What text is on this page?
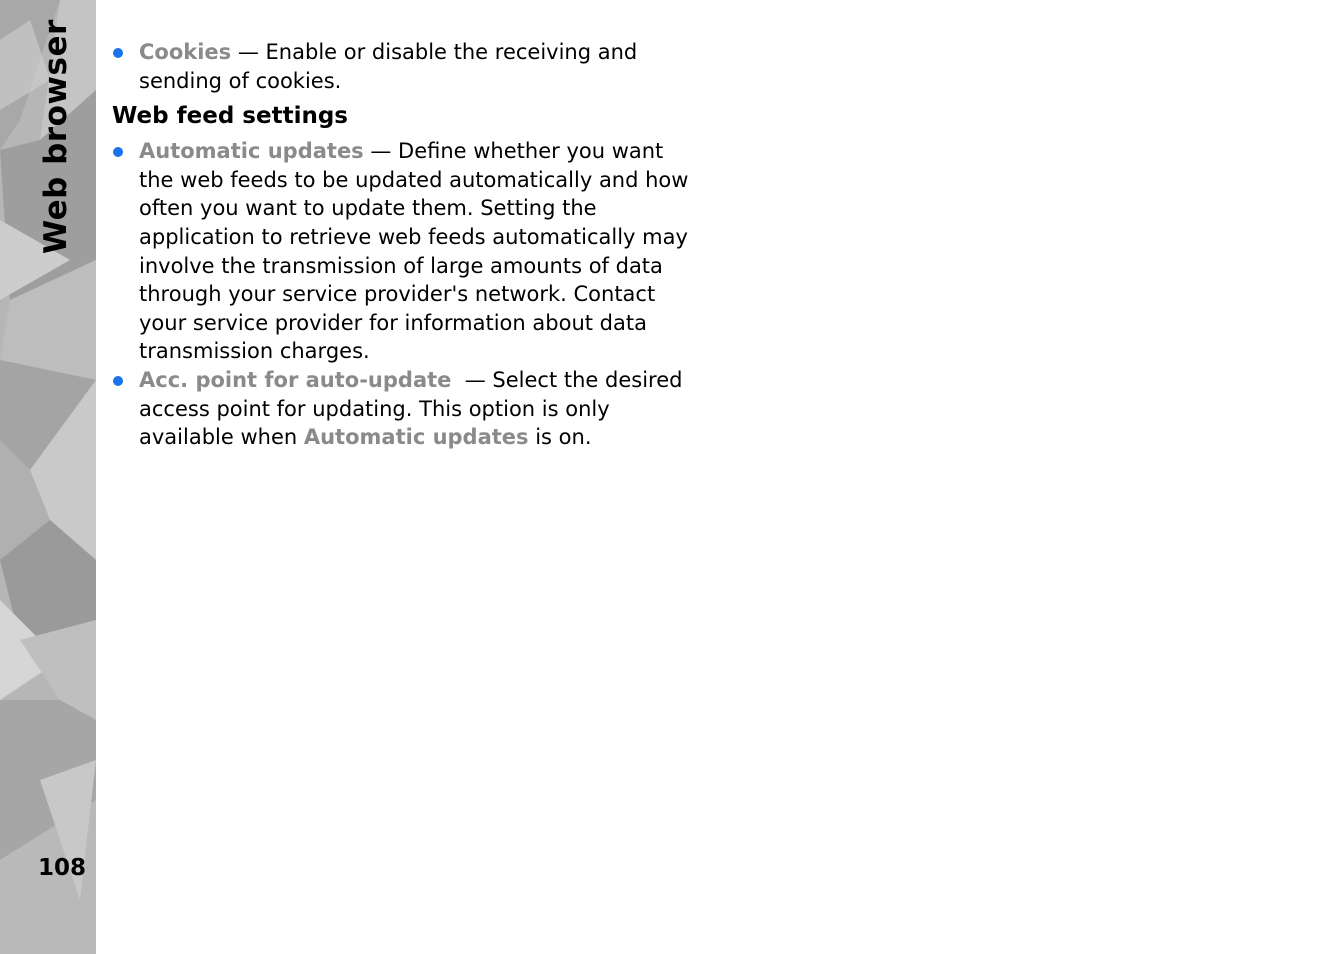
Web browser
108
Cookies — Enable or disable the receiving and sending of cookies.
Web feed settings
Automatic updates — Define whether you want the web feeds to be updated automatically and how often you want to update them. Setting the application to retrieve web feeds automatically may involve the transmission of large amounts of data through your service provider's network. Contact your service provider for information about data transmission charges.
Acc. point for auto-update  — Select the desired access point for updating. This option is only available when Automatic updates is on.
